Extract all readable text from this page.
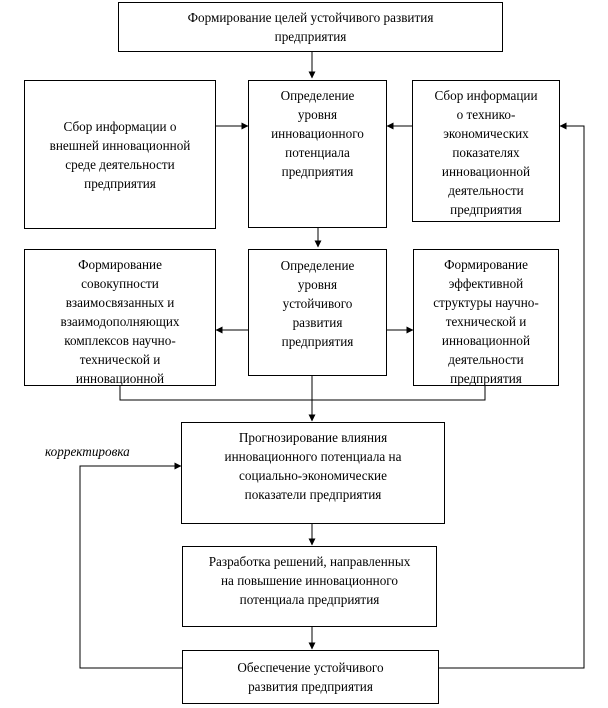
Формирование целей устойчивого развития
предприятия
Сбор информации о
внешней инновационной
среде деятельности
предприятия
Определение
уровня
инновационного
потенциала
предприятия
Сбор информации
о технико-
экономических
показателях
инновационной
деятельности
предприятия
Формирование
совокупности
взаимосвязанных и
взаимодополняющих
комплексов научно-
технической и
инновационной
Определение
уровня
устойчивого
развития
предприятия
Формирование
эффективной
структуры научно-
технической и
инновационной
деятельности
предприятия
Прогнозирование влияния
инновационного потенциала на
социально-экономические
показатели предприятия
Разработка решений, направленных
на повышение инновационного
потенциала предприятия
Обеспечение устойчивого
развития предприятия
корректировка
